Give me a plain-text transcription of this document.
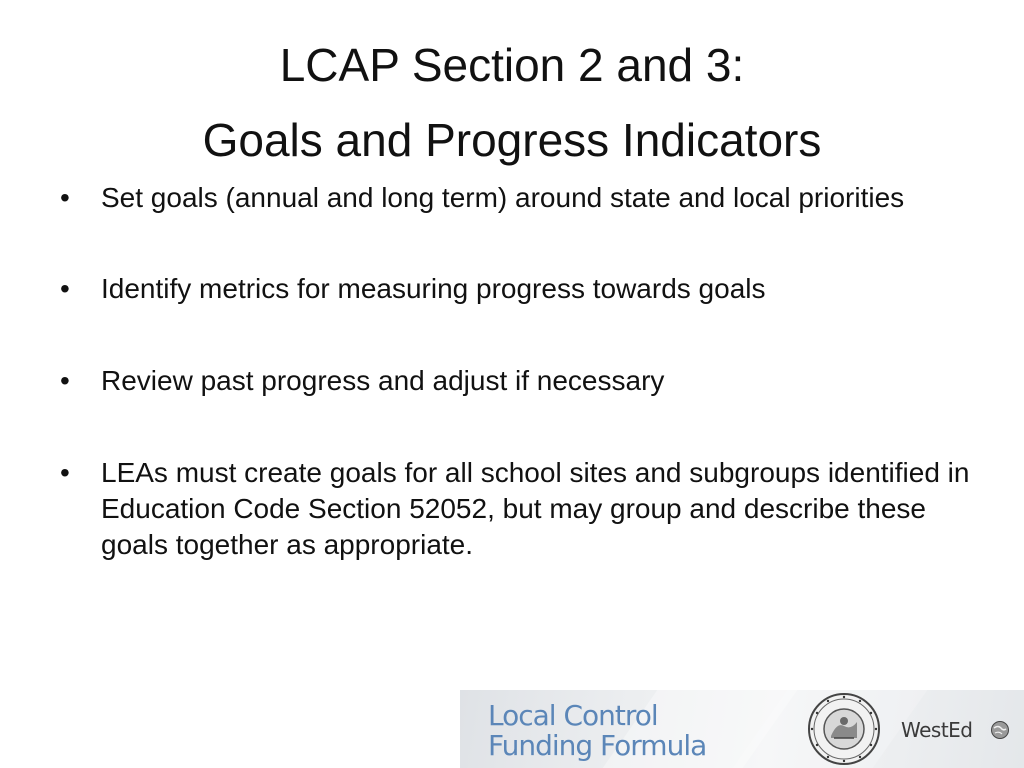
LCAP Section 2 and 3:
Goals and Progress Indicators
• Set goals (annual and long term) around state and local priorities
• Identify metrics for measuring progress towards goals
• Review past progress and adjust if necessary
• LEAs must create goals for all school sites and subgroups identified in Education Code Section 52052, but may group and describe these goals together as appropriate.
Local Control
Funding Formula	WestEd
